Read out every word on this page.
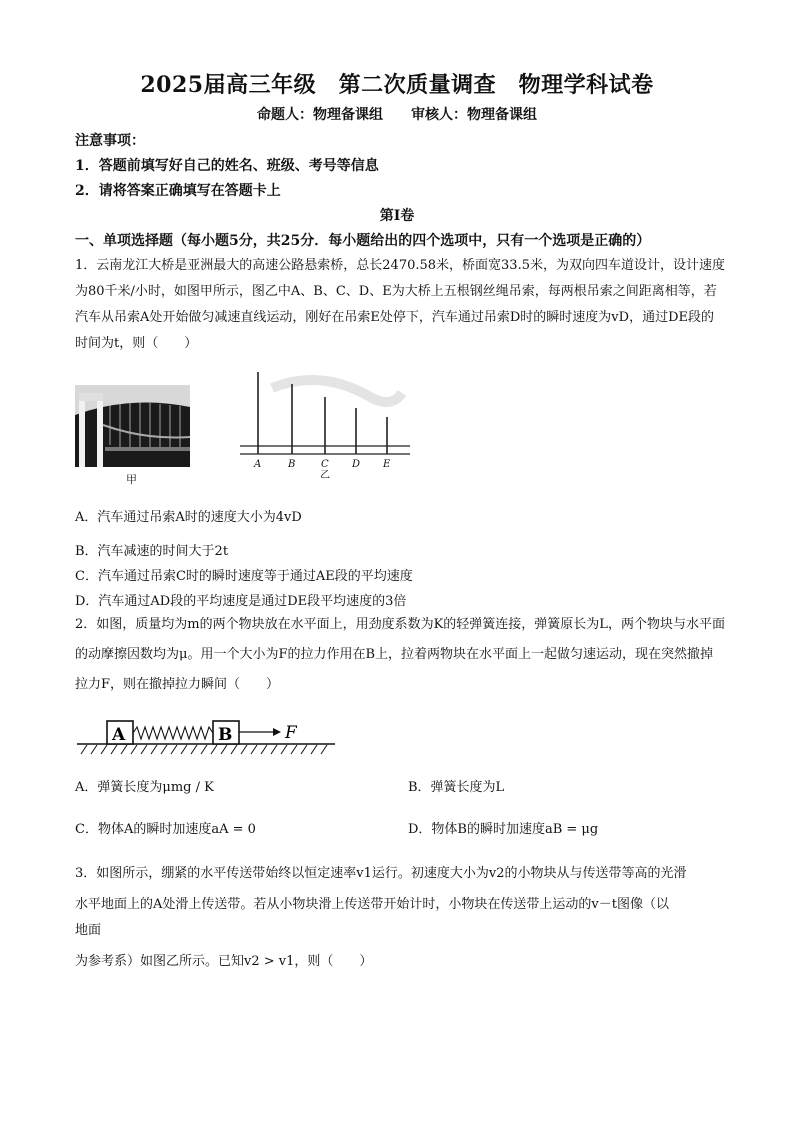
2025届高三年级　第二次质量调查　物理学科试卷
命题人：物理备课组　　审核人：物理备课组
注意事项：
1．答题前填写好自己的姓名、班级、考号等信息
2．请将答案正确填写在答题卡上
第Ⅰ卷
一、单项选择题（每小题5分，共25分．每小题给出的四个选项中，只有一个选项是正确的）
1．云南龙江大桥是亚洲最大的高速公路悬索桥，总长2470.58米，桥面宽33.5米，为双向四车道设计，设计速度为80千米/小时，如图甲所示，图乙中A、B、C、D、E为大桥上五根钢丝绳吊索，每两根吊索之间距离相等，若汽车从吊索A处开始做匀减速直线运动，刚好在吊索E处停下，汽车通过吊索D时的瞬时速度为vD，通过DE段的时间为t，则（　　）
甲
A	B	C D E
乙
A．汽车通过吊索A时的速度大小为4vD
B．汽车减速的时间大于2t
C．汽车通过吊索C时的瞬时速度等于通过AE段的平均速度
D．汽车通过AD段的平均速度是通过DE段平均速度的3倍
2．如图，质量均为m的两个物块放在水平面上，用劲度系数为K的轻弹簧连接，弹簧原长为L，两个物块与水平面的动摩擦因数均为μ。用一个大小为F的拉力作用在B上，拉着两物块在水平面上一起做匀速运动，现在突然撤掉拉力F，则在撤掉拉力瞬间（　　）
A	B	F
A．弹簧长度为μmg / K	B．弹簧长度为L
C．物体A的瞬时加速度aA = 0	D．物体B的瞬时加速度aB = μg
3．如图所示，绷紧的水平传送带始终以恒定速率v1运行。初速度大小为v2的小物块从与传送带等高的光滑
水平地面上的A处滑上传送带。若从小物块滑上传送带开始计时，小物块在传送带上运动的v－t图像（以
地面
为参考系）如图乙所示。已知v2 > v1，则（　　）
